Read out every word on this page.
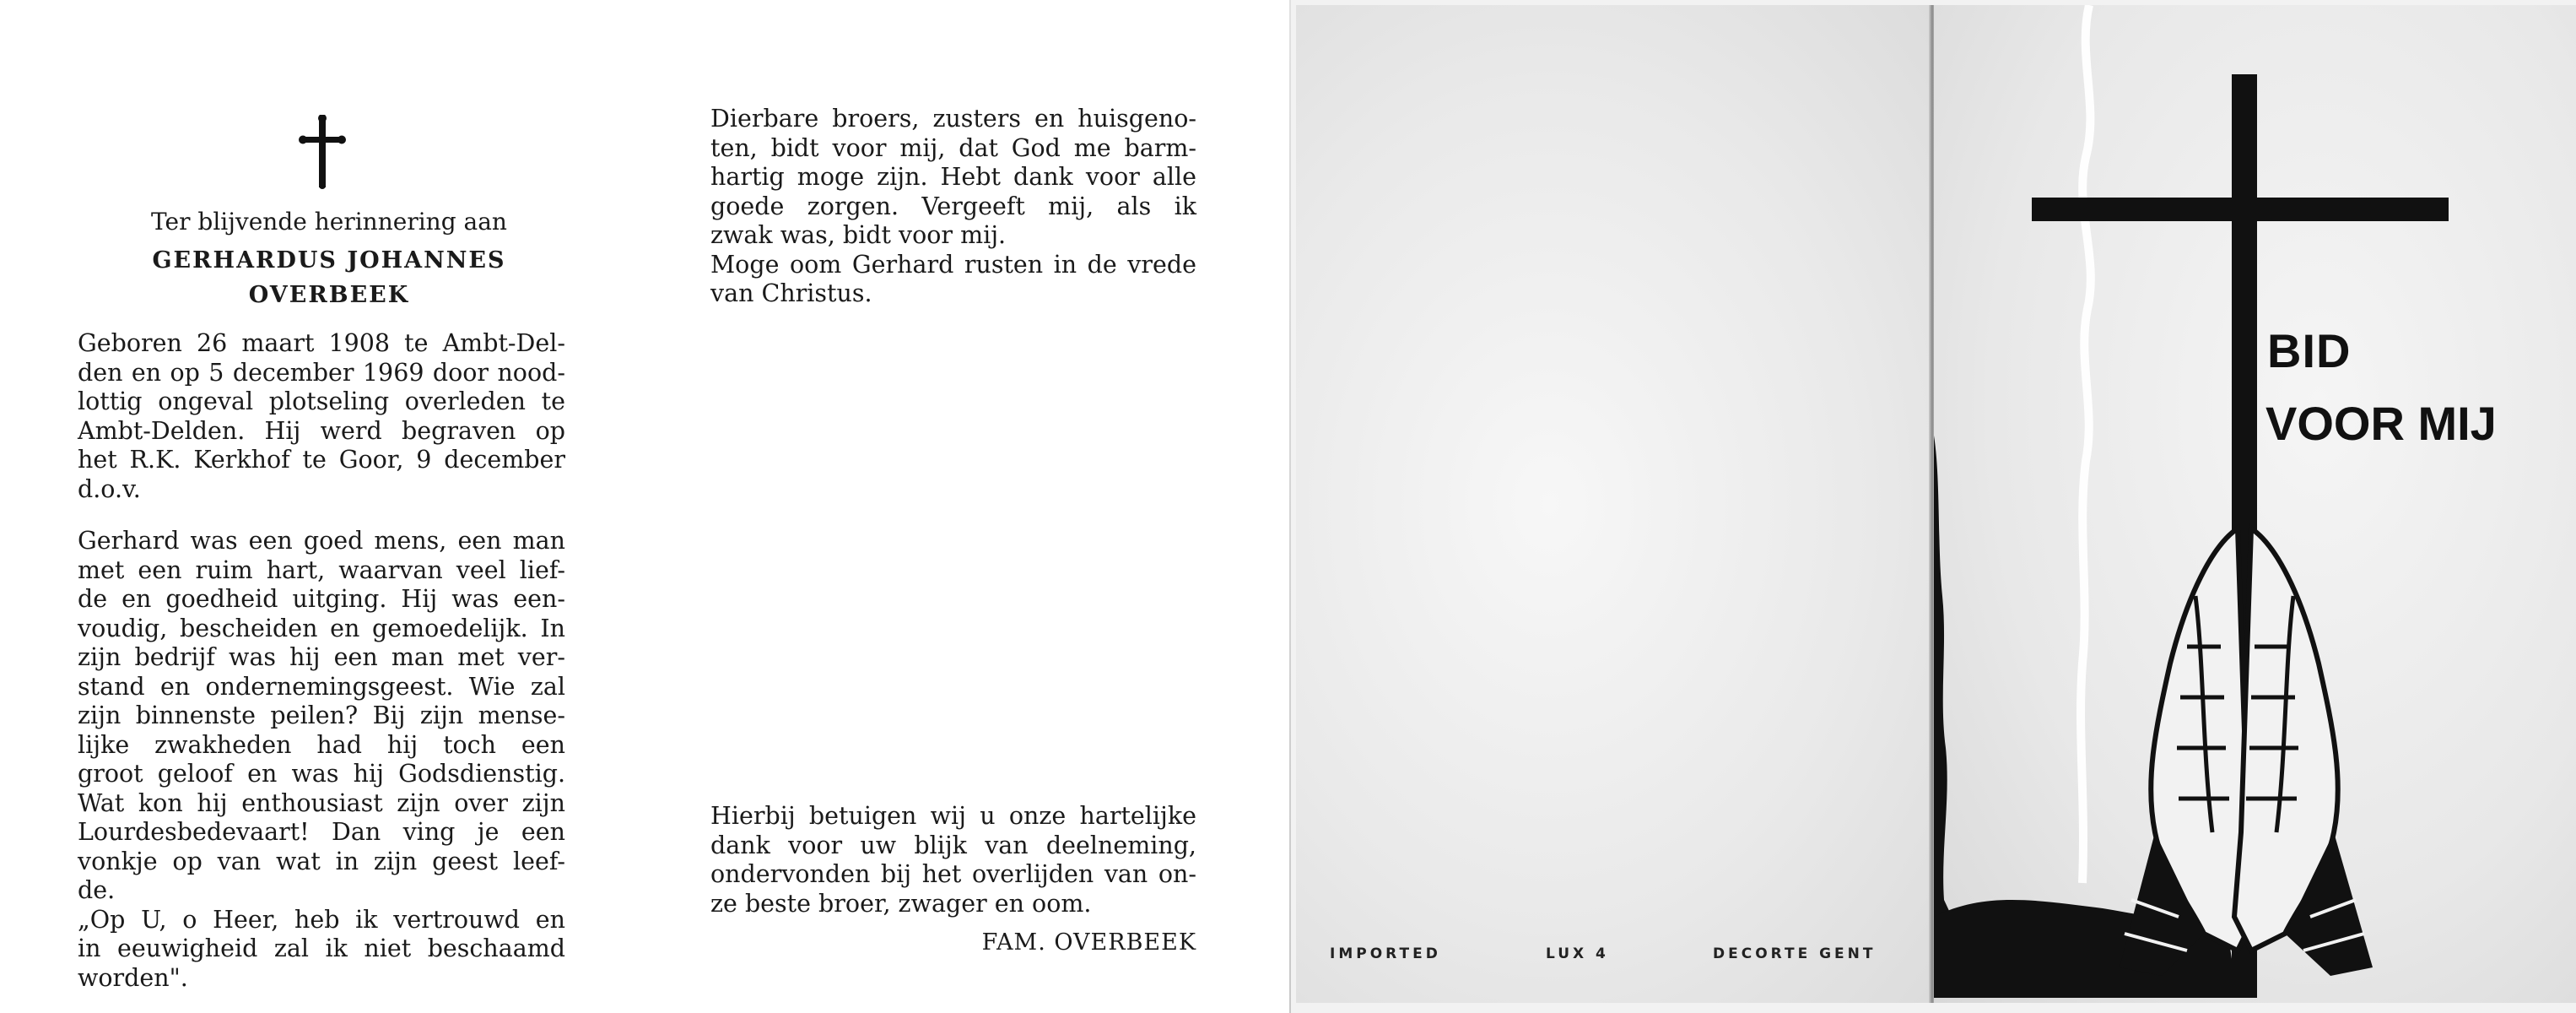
Ter blijvende herinnering aan
GERHARDUS JOHANNES
OVERBEEK
Geboren 26 maart 1908 te Ambt-Del-
den en op 5 december 1969 door nood-
lottig ongeval plotseling overleden te
Ambt-Delden. Hij werd begraven op
het R.K. Kerkhof te Goor, 9 december
d.o.v.
Gerhard was een goed mens, een man
met een ruim hart, waarvan veel lief-
de en goedheid uitging. Hij was een-
voudig, bescheiden en gemoedelijk. In
zijn bedrijf was hij een man met ver-
stand en ondernemingsgeest. Wie zal
zijn binnenste peilen? Bij zijn mense-
lijke zwakheden had hij toch een
groot geloof en was hij Godsdienstig.
Wat kon hij enthousiast zijn over zijn
Lourdesbedevaart! Dan ving je een
vonkje op van wat in zijn geest leef-
de.
„Op U, o Heer, heb ik vertrouwd en
in eeuwigheid zal ik niet beschaamd
worden".
Dierbare broers, zusters en huisgeno-
ten, bidt voor mij, dat God me barm-
hartig moge zijn. Hebt dank voor alle
goede zorgen. Vergeeft mij, als ik
zwak was, bidt voor mij.
Moge oom Gerhard rusten in de vrede
van Christus.
Hierbij betuigen wij u onze hartelijke
dank voor uw blijk van deelneming,
ondervonden bij het overlijden van on-
ze beste broer, zwager en oom.
FAM. OVERBEEK	IMPORTED	LUX 4	DECORTE GENT
BID
VOOR MIJ
